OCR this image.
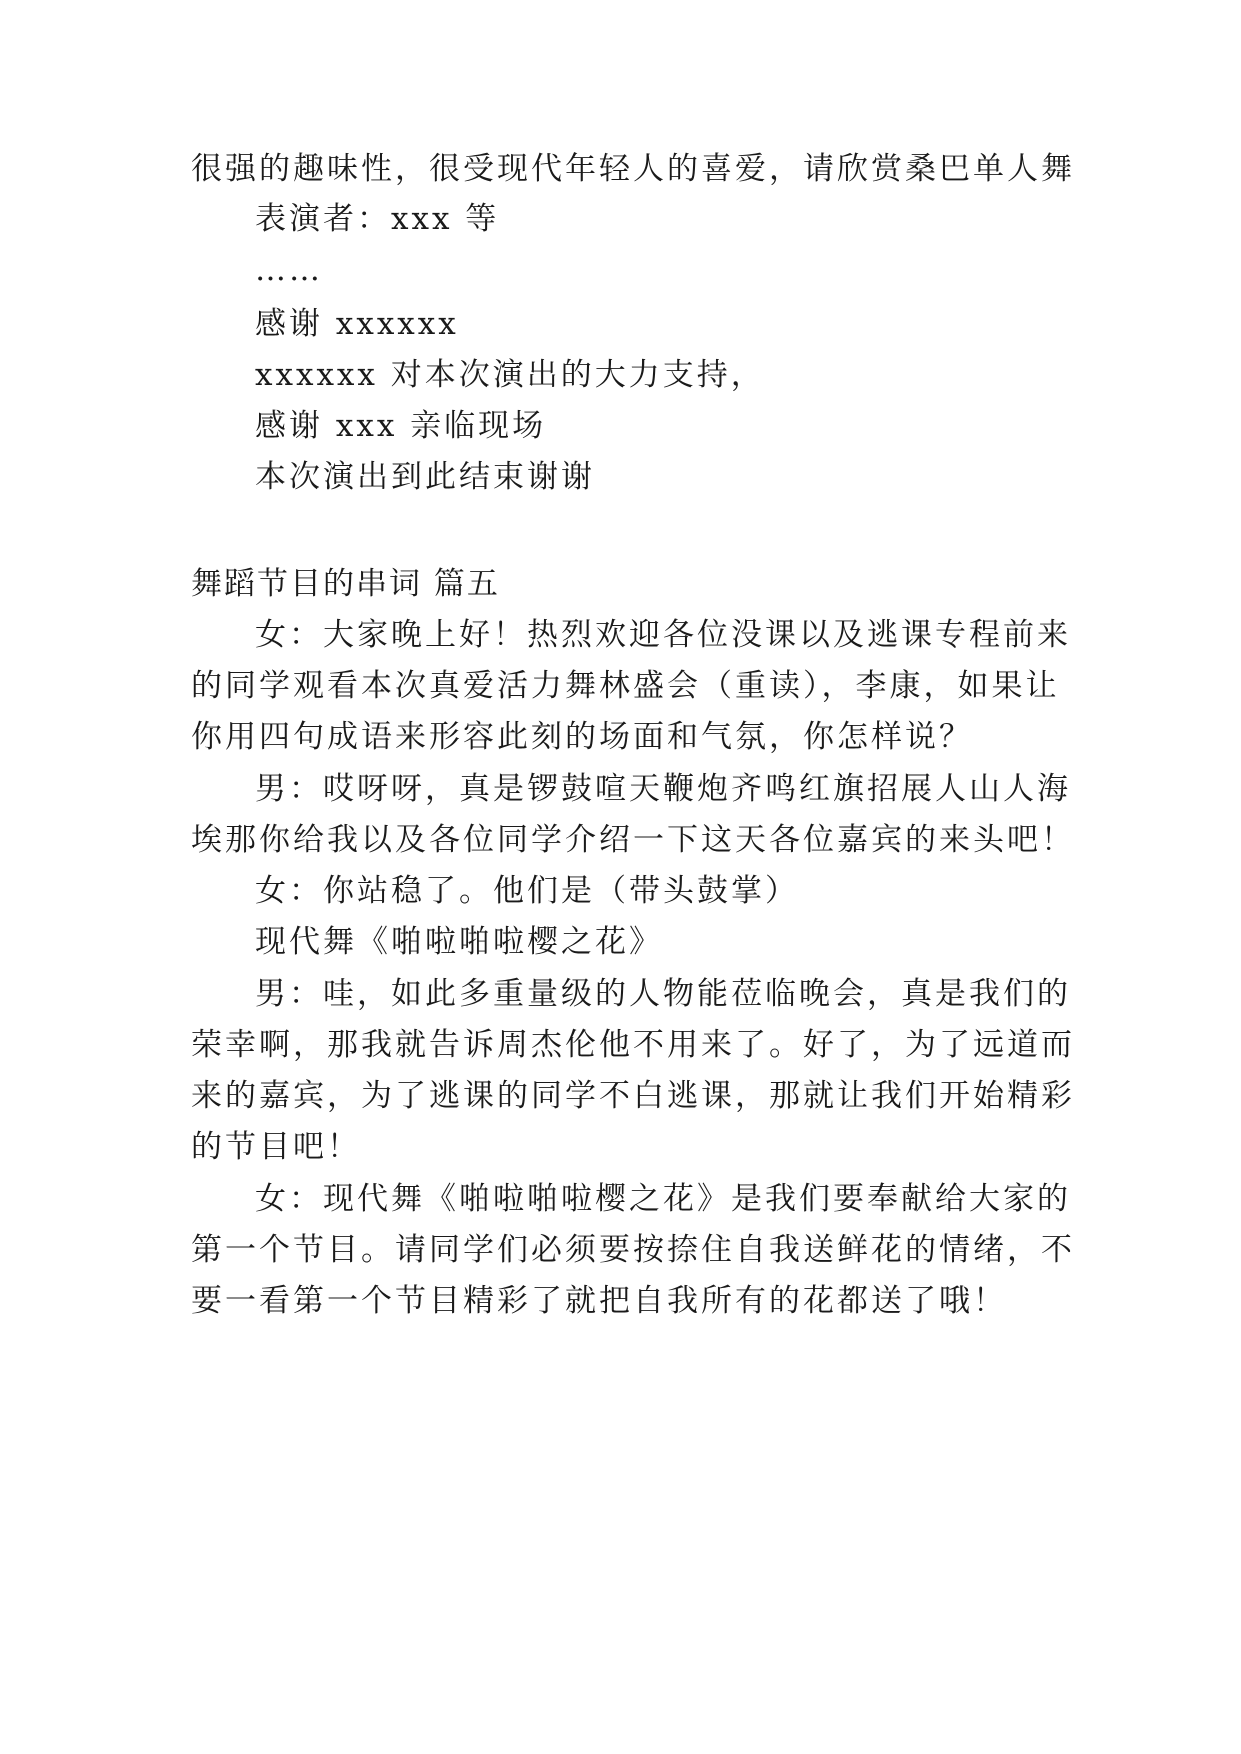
很强的趣味性，很受现代年轻人的喜爱，请欣赏桑巴单人舞
表演者：xxx 等
……
感谢 xxxxxx
xxxxxx 对本次演出的大力支持，
感谢 xxx 亲临现场
本次演出到此结束谢谢
舞蹈节目的串词 篇五
女：大家晚上好！热烈欢迎各位没课以及逃课专程前来
的同学观看本次真爱活力舞林盛会（重读），李康，如果让
你用四句成语来形容此刻的场面和气氛，你怎样说？
男：哎呀呀，真是锣鼓喧天鞭炮齐鸣红旗招展人山人海
埃那你给我以及各位同学介绍一下这天各位嘉宾的来头吧！
女：你站稳了。他们是（带头鼓掌）
现代舞《啪啦啪啦樱之花》
男：哇，如此多重量级的人物能莅临晚会，真是我们的
荣幸啊，那我就告诉周杰伦他不用来了。好了，为了远道而
来的嘉宾，为了逃课的同学不白逃课，那就让我们开始精彩
的节目吧！
女：现代舞《啪啦啪啦樱之花》是我们要奉献给大家的
第一个节目。请同学们必须要按捺住自我送鲜花的情绪，不
要一看第一个节目精彩了就把自我所有的花都送了哦！
